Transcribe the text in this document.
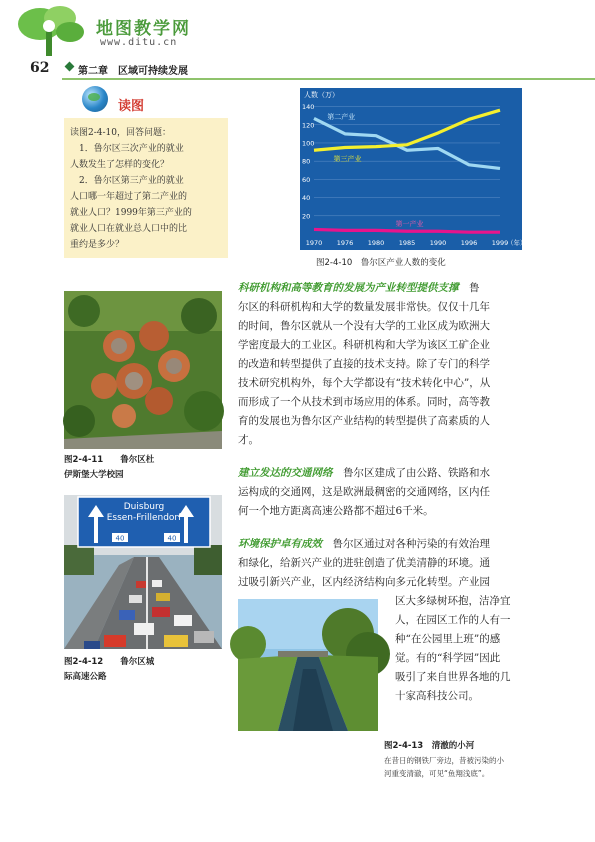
地图教学网
www.ditu.cn
62	第二章　区域可持续发展
读图
读图2-4-10，回答问题：
　1．鲁尔区三次产业的就业
人数发生了怎样的变化？
　2．鲁尔区第三产业的就业
人口哪一年超过了第二产业的
就业人口？1999年第三产业的
就业人口在就业总人口中的比
重约是多少？
人数（万）
20
40
60
80
100
120
140
1970 1976 1980 1985 1990 1996 1999
第二产业
第三产业
第一产业
（年）
图2-4-10　鲁尔区产业人数的变化
图2-4-11　　鲁尔区杜
伊斯堡大学校园
Duisburg
Essen-Frillendorf
40	40
图2-4-12　　鲁尔区城
际高速公路
图2-4-13　清澈的小河
在昔日的钢铁厂旁边，昔被污染的小
河重变清澈，可见“鱼翔浅底”。
科研机构和高等教育的发展为产业转型提供支撑　鲁
尔区的科研机构和大学的数量发展非常快。仅仅十几年
的时间，鲁尔区就从一个没有大学的工业区成为欧洲大
学密度最大的工业区。科研机构和大学为该区工矿企业
的改造和转型提供了直接的技术支持。除了专门的科学
技术研究机构外，每个大学都设有“技术转化中心”，从
而形成了一个从技术到市场应用的体系。同时，高等教
育的发展也为鲁尔区产业结构的转型提供了高素质的人
才。
建立发达的交通网络　鲁尔区建成了由公路、铁路和水
运构成的交通网，这是欧洲最稠密的交通网络，区内任
何一个地方距离高速公路都不超过6千米。
环境保护卓有成效　鲁尔区通过对各种污染的有效治理
和绿化，给新兴产业的进驻创造了优美清静的环境。通
过吸引新兴产业，区内经济结构向多元化转型。产业园
区大多绿树环抱，洁净宜
人，在园区工作的人有一
种“在公园里上班”的感
觉。有的“科学园”因此
吸引了来自世界各地的几
十家高科技公司。
